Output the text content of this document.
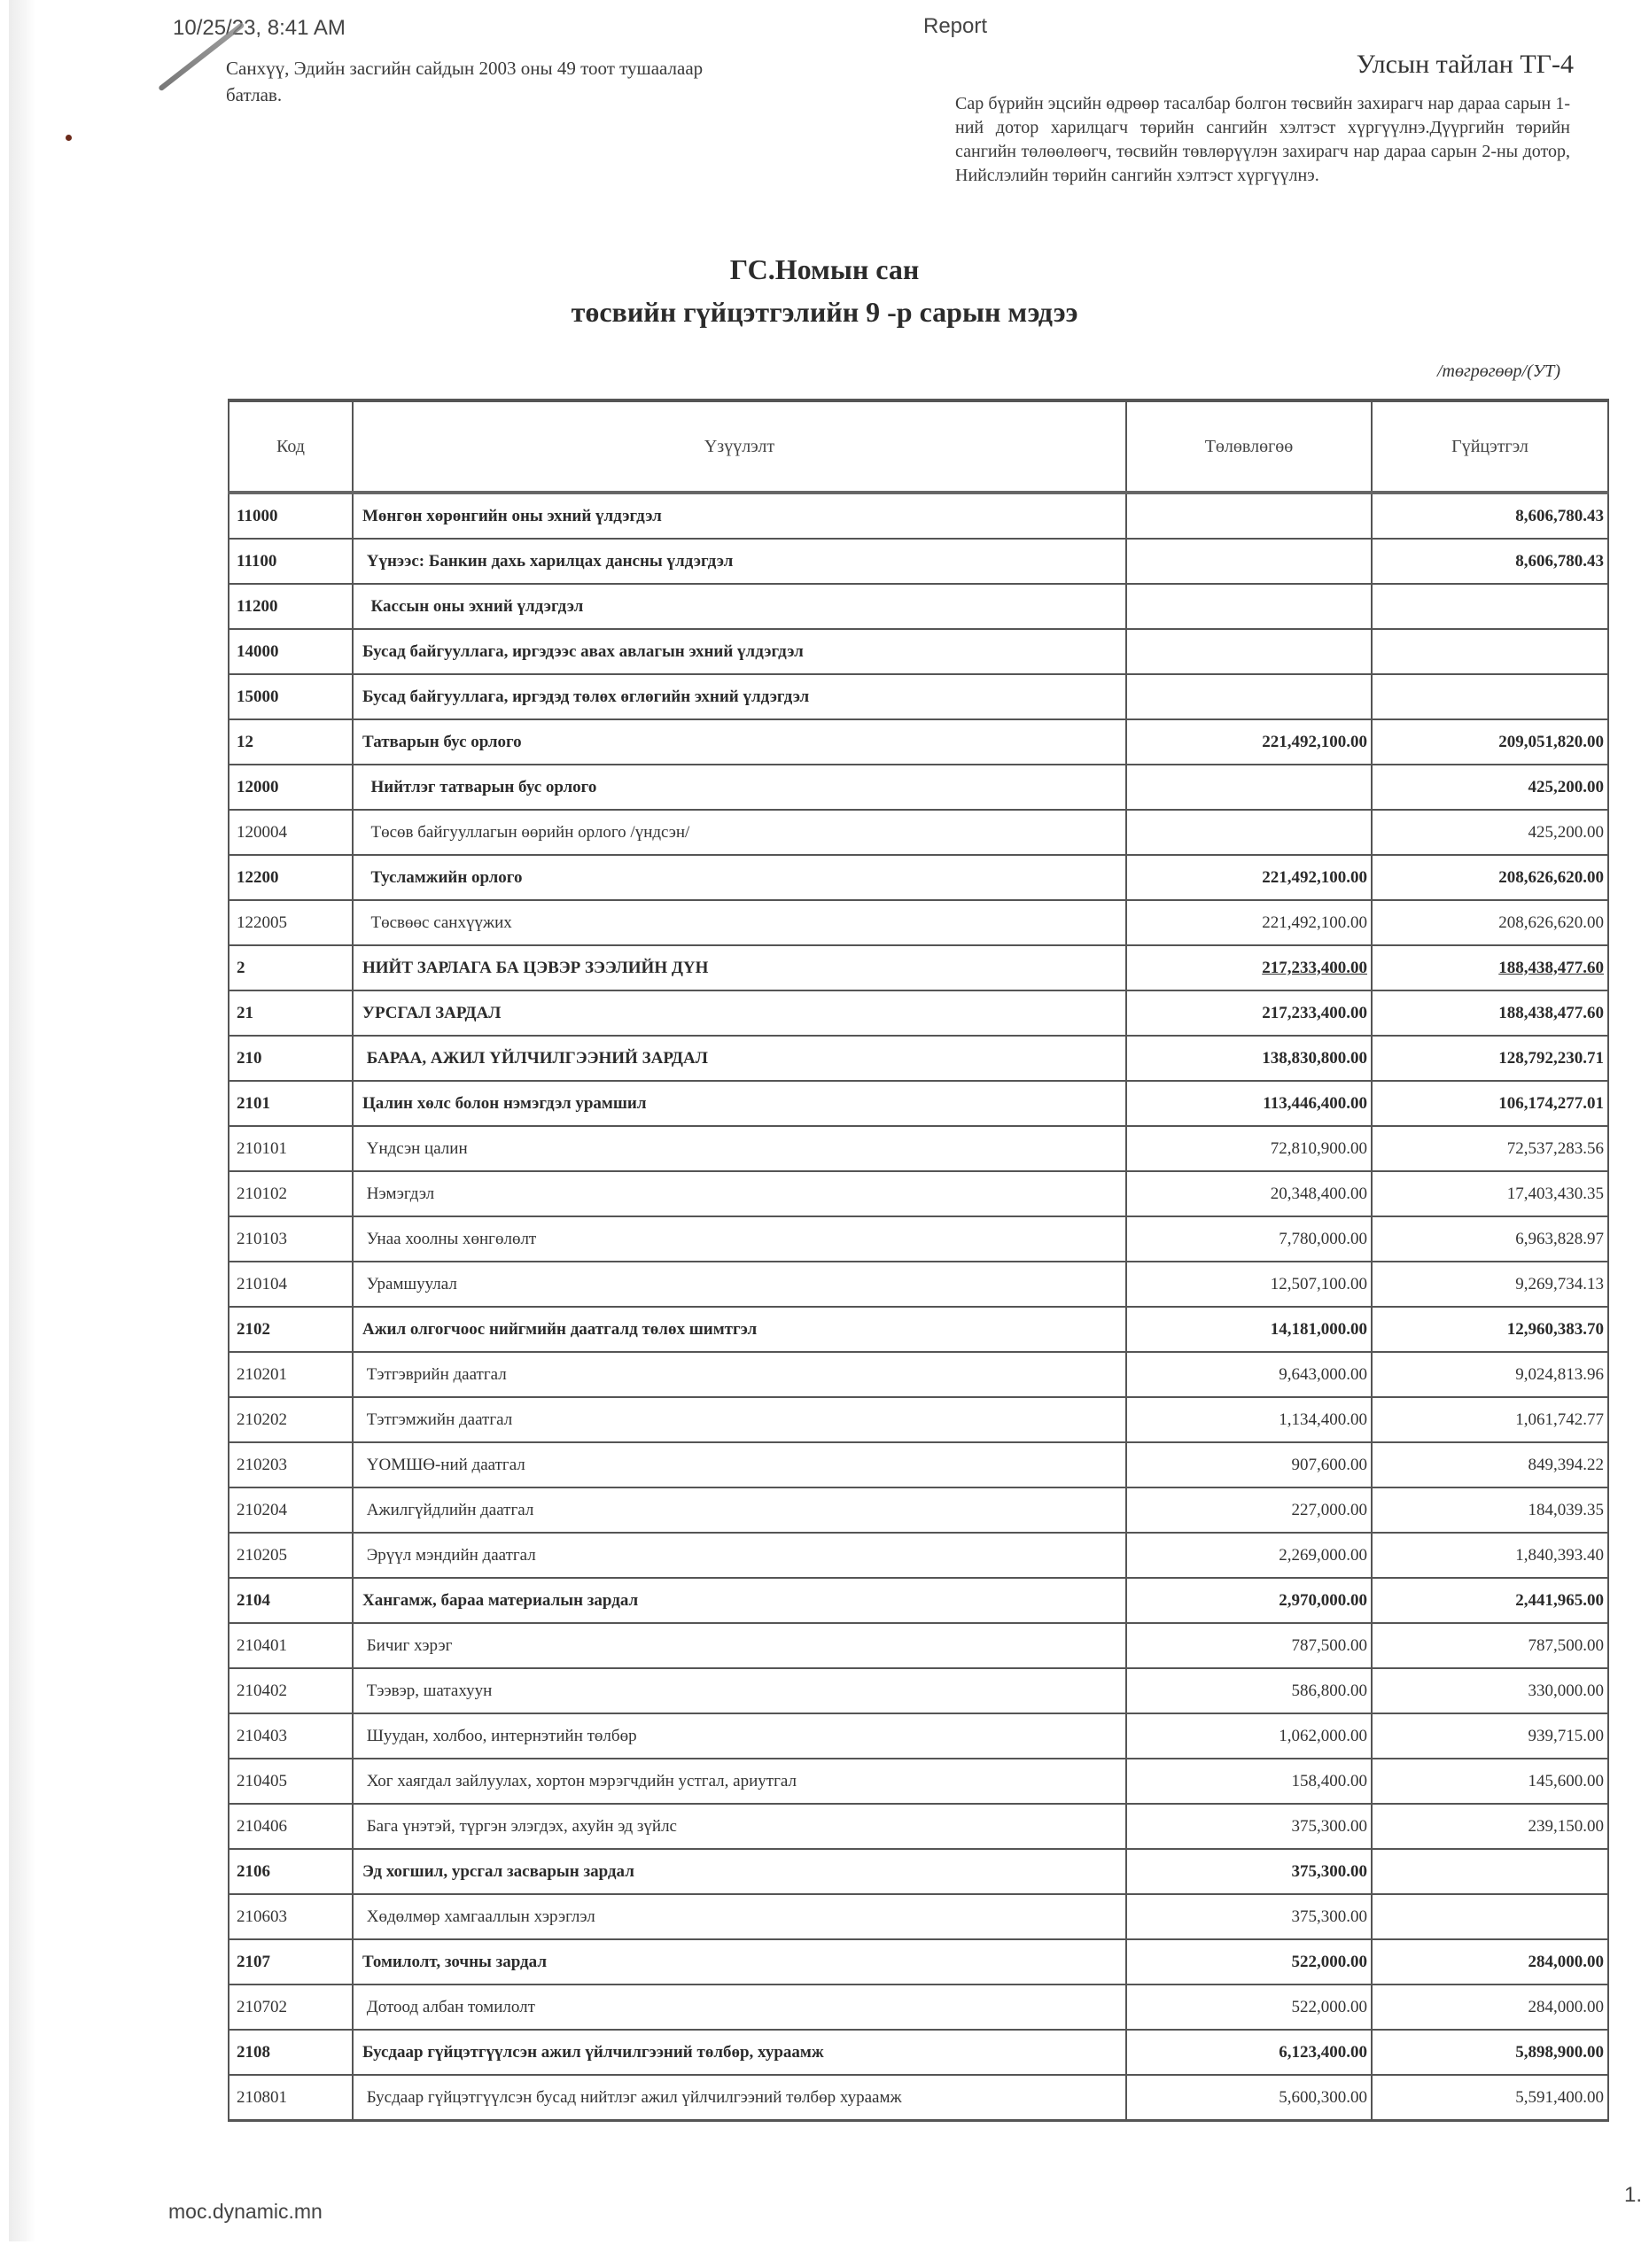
10/25/23, 8:41 AM	Report
Санхүү, Эдийн засгийн сайдын 2003 оны 49 тоот тушаалаар батлав.
Улсын тайлан ТГ-4
Сар бүрийн эцсийн өдрөөр тасалбар болгон төсвийн захирагч нар дараа сарын 1-ний дотор харилцагч төрийн сангийн хэлтэст хүргүүлнэ.Дүүргийн төрийн сангийн төлөөлөөгч, төсвийн төвлөрүүлэн захирагч нар дараа сарын 2-ны дотор, Нийслэлийн төрийн сангийн хэлтэст хүргүүлнэ.
ГС.Номын сан
төсвийн гүйцэтгэлийн 9 -р сарын мэдээ
/төгрөгөөр/(УТ)
Код	Үзүүлэлт	Төлөвлөгөө	Гүйцэтгэл
11000	Мөнгөн хөрөнгийн оны эхний үлдэгдэл		8,606,780.43
11100	Үүнээс: Банкин дахь харилцах дансны үлдэгдэл		8,606,780.43
11200	Кассын оны эхний үлдэгдэл		
14000	Бусад байгууллага, иргэдээс авах авлагын эхний үлдэгдэл		
15000	Бусад байгууллага, иргэдэд төлөх өглөгийн эхний үлдэгдэл		
12	Татварын бус орлого	221,492,100.00	209,051,820.00
12000	Нийтлэг татварын бус орлого		425,200.00
120004	Төсөв байгууллагын өөрийн орлого /үндсэн/		425,200.00
12200	Тусламжийн орлого	221,492,100.00	208,626,620.00
122005	Төсвөөс санхүүжих	221,492,100.00	208,626,620.00
2	НИЙТ ЗАРЛАГА БА ЦЭВЭР ЗЭЭЛИЙН ДҮН	217,233,400.00	188,438,477.60
21	УРСГАЛ ЗАРДАЛ	217,233,400.00	188,438,477.60
210	БАРАА, АЖИЛ ҮЙЛЧИЛГЭЭНИЙ ЗАРДАЛ	138,830,800.00	128,792,230.71
2101	Цалин хөлс болон нэмэгдэл урамшил	113,446,400.00	106,174,277.01
210101	Үндсэн цалин	72,810,900.00	72,537,283.56
210102	Нэмэгдэл	20,348,400.00	17,403,430.35
210103	Унаа хоолны хөнгөлөлт	7,780,000.00	6,963,828.97
210104	Урамшуулал	12,507,100.00	9,269,734.13
2102	Ажил олгогчоос нийгмийн даатгалд төлөх шимтгэл	14,181,000.00	12,960,383.70
210201	Тэтгэврийн даатгал	9,643,000.00	9,024,813.96
210202	Тэтгэмжийн даатгал	1,134,400.00	1,061,742.77
210203	ҮОМШӨ-ний даатгал	907,600.00	849,394.22
210204	Ажилгүйдлийн даатгал	227,000.00	184,039.35
210205	Эрүүл мэндийн даатгал	2,269,000.00	1,840,393.40
2104	Хангамж, бараа материалын зардал	2,970,000.00	2,441,965.00
210401	Бичиг хэрэг	787,500.00	787,500.00
210402	Тээвэр, шатахуун	586,800.00	330,000.00
210403	Шуудан, холбоо, интернэтийн төлбөр	1,062,000.00	939,715.00
210405	Хог хаягдал зайлуулах, хортон мэрэгчдийн устгал, ариутгал	158,400.00	145,600.00
210406	Бага үнэтэй, түргэн элэгдэх, ахуйн эд зүйлс	375,300.00	239,150.00
2106	Эд хогшил, урсгал засварын зардал	375,300.00	
210603	Хөдөлмөр хамгааллын хэрэглэл	375,300.00	
2107	Томилолт, зочны зардал	522,000.00	284,000.00
210702	Дотоод албан томилолт	522,000.00	284,000.00
2108	Бусдаар гүйцэтгүүлсэн ажил үйлчилгээний төлбөр, хураамж	6,123,400.00	5,898,900.00
210801	Бусдаар гүйцэтгүүлсэн бусад нийтлэг ажил үйлчилгээний төлбөр хураамж	5,600,300.00	5,591,400.00
moc.dynamic.mn
1.
